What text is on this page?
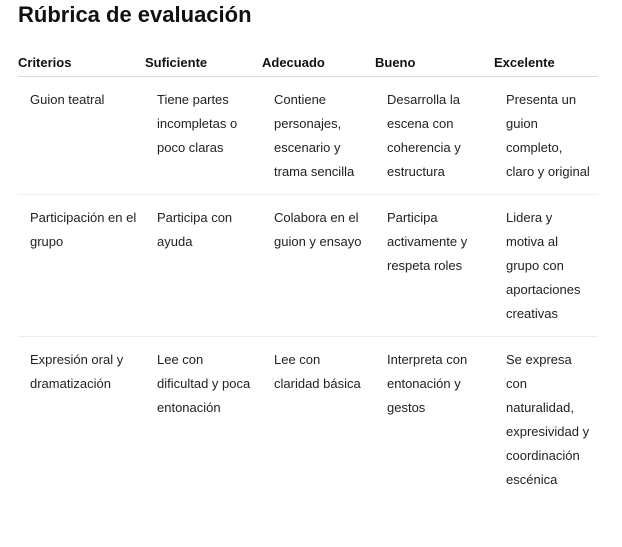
Rúbrica de evaluación
Criterios	Suficiente	Adecuado	Bueno	Excelente
Guion teatral	Tiene partes incompletas o poco claras	Contiene personajes, escenario y trama sencilla	Desarrolla la escena con coherencia y estructura	Presenta un guion completo, claro y original
Participación en el grupo	Participa con ayuda	Colabora en el guion y ensayo	Participa activamente y respeta roles	Lidera y motiva al grupo con aportaciones creativas
Expresión oral y dramatización	Lee con dificultad y poca entonación	Lee con claridad básica	Interpreta con entonación y gestos	Se expresa con naturalidad, expresividad y coordinación escénica
